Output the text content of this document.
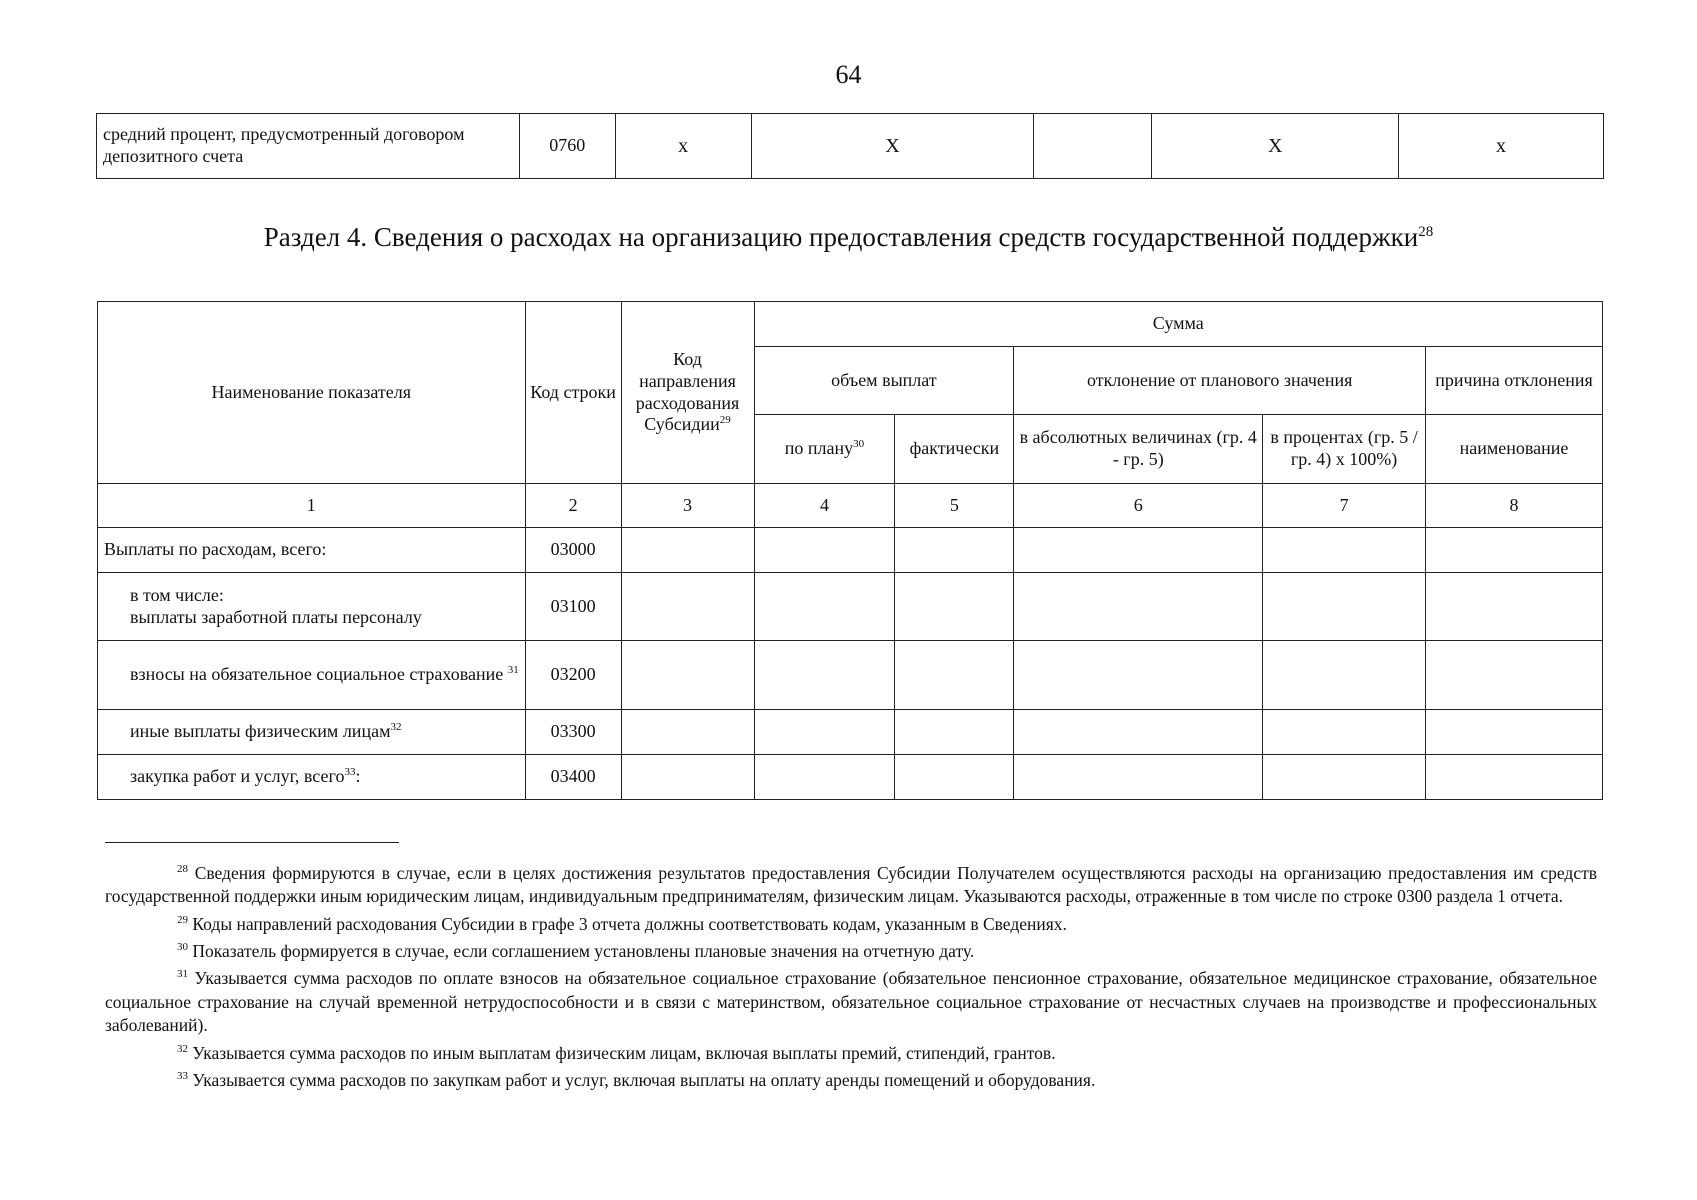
64
средний процент, предусмотренный договором депозитного счета	0760	x	X		X	x
Раздел 4. Сведения о расходах на организацию предоставления средств государственной поддержки$^{28}$
Наименование показателя	Код строки	Код направления расходования Субсидии$^{29}$	Сумма				
			объем выплат		отклонение от планового значения		причина отклонения
			по плану$^{30}$	фактически	в абсолютных величинах (гр. 4 - гр. 5)	в процентах (гр. 5 / гр. 4) x 100%)	наименование
1	2	3	4	5	6	7	8
Выплаты по расходам, всего:	03000						

в том числе:
выплаты заработной платы персоналу	03100						
взносы на обязательное социальное страхование $^{31}$	03200						
иные выплаты физическим лицам$^{32}$	03300						
закупка работ и услуг, всего$^{33}$:	03400						

$^{28}$ Сведения формируются в случае, если в целях достижения результатов предоставления Субсидии Получателем осуществляются расходы на организацию предоставления им средств государственной поддержки иным юридическим лицам, индивидуальным предпринимателям, физическим лицам. Указываются расходы, отраженные в том числе по строке 0300 раздела 1 отчета.

$^{29}$ Коды направлений расходования Субсидии в графе 3 отчета должны соответствовать кодам, указанным в Сведениях.

$^{30}$ Показатель формируется в случае, если соглашением установлены плановые значения на отчетную дату.

$^{31}$ Указывается сумма расходов по оплате взносов на обязательное социальное страхование (обязательное пенсионное страхование, обязательное медицинское страхование, обязательное социальное страхование на случай временной нетрудоспособности и в связи с материнством, обязательное социальное страхование от несчастных случаев на производстве и профессиональных заболеваний).

$^{32}$ Указывается сумма расходов по иным выплатам физическим лицам, включая выплаты премий, стипендий, грантов.

$^{33}$ Указывается сумма расходов по закупкам работ и услуг, включая выплаты на оплату аренды помещений и оборудования.
